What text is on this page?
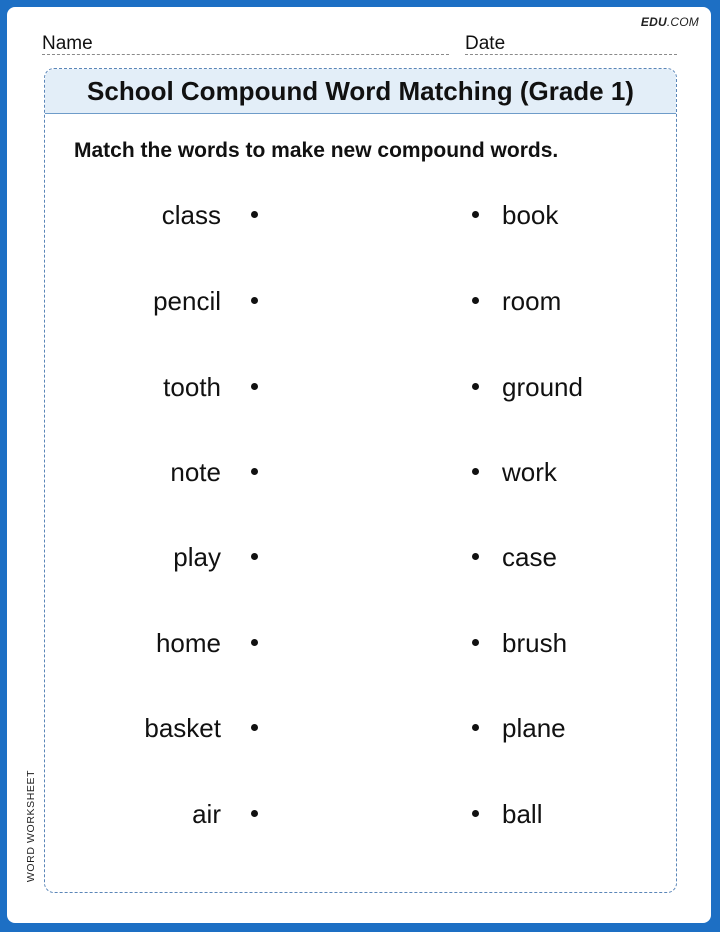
EDU.COM
Name	Date
WORD WORKSHEET
School Compound Word Matching (Grade 1)
Match the words to make new compound words.
class	book
pencil	room
tooth	ground
note	work
play	case
home	brush
basket	plane
air	ball
